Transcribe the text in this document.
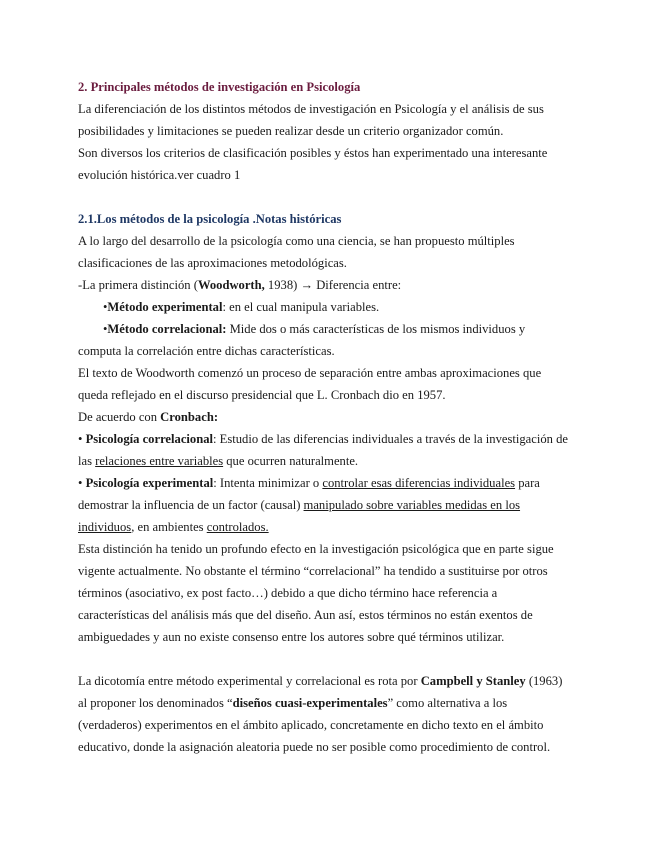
2. Principales métodos de investigación en Psicología
La diferenciación de los distintos métodos de investigación en Psicología y el análisis de sus
posibilidades y limitaciones se pueden realizar desde un criterio organizador común.
Son diversos los criterios de clasificación posibles y éstos han experimentado una interesante
evolución histórica.ver cuadro 1
2.1.Los métodos de la psicología .Notas históricas
A lo largo del desarrollo de la psicología como una ciencia, se han propuesto múltiples
clasificaciones de las aproximaciones metodológicas.
-La primera distinción (Woodworth, 1938) → Diferencia entre:
•Método experimental: en el cual manipula variables.
•Método correlacional: Mide dos o más características de los mismos individuos y
computa la correlación entre dichas características.
El texto de Woodworth comenzó un proceso de separación entre ambas aproximaciones que
queda reflejado en el discurso presidencial que L. Cronbach dio en 1957.
De acuerdo con Cronbach:
• Psicología correlacional: Estudio de las diferencias individuales a través de la investigación de
las relaciones entre variables que ocurren naturalmente.
• Psicología experimental: Intenta minimizar o controlar esas diferencias individuales para
demostrar la influencia de un factor (causal) manipulado sobre variables medidas en los
individuos, en ambientes controlados.
Esta distinción ha tenido un profundo efecto en la investigación psicológica que en parte sigue
vigente actualmente. No obstante el término “correlacional” ha tendido a sustituirse por otros
términos (asociativo, ex post facto…) debido a que dicho término hace referencia a
características del análisis más que del diseño. Aun así, estos términos no están exentos de
ambiguedades y aun no existe consenso entre los autores sobre qué términos utilizar.
La dicotomía entre método experimental y correlacional es rota por Campbell y Stanley (1963)
al proponer los denominados “diseños cuasi-experimentales” como alternativa a los
(verdaderos) experimentos en el ámbito aplicado, concretamente en dicho texto en el ámbito
educativo, donde la asignación aleatoria puede no ser posible como procedimiento de control.
